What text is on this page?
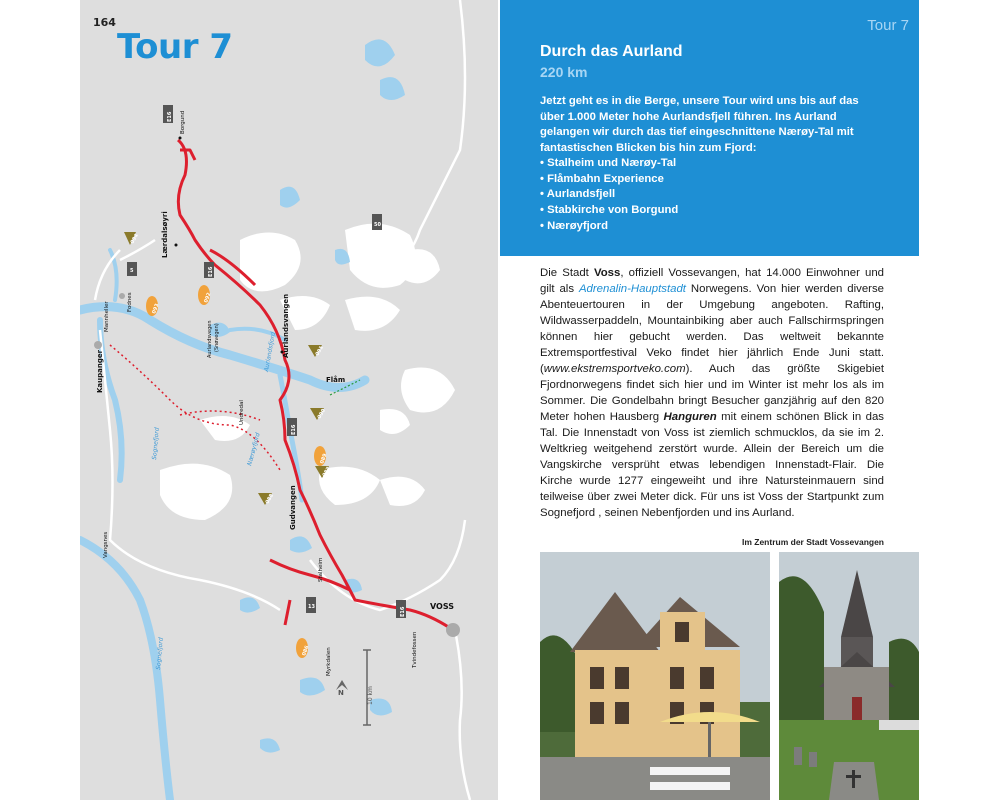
Borgund
Lærdalsøyri
Aurlandsvangen
Flåm
Undredal
Gudvangen
Stalheim
VOSS
Myrkdalen	Tvindefossen
Kaupanger
Mannheller	Fodnes
Vangsnes
Aurlandsvegen (Snøvegen)	Aurlandsfjord
Sognefjord
Sognefjord
Nærøyfjord
E16
E16
E16
E16
5
50
13
094
093
092
091
090
089
087
088
086
10 km
N
164
Tour 7
Tour 7
Durch das Aurland
220 km
Jetzt geht es in die Berge, unsere Tour wird uns bis auf das über 1.000 Meter hohe Aurlandsfjell führen. Ins Aurland gelangen wir durch das tief eingeschnittene Nærøy-Tal mit fantastischen Blicken bis hin zum Fjord:
• Stalheim und Nærøy-Tal
• Flåmbahn Experience
• Aurlandsfjell
• Stabkirche von Borgund
• Nærøyfjord
Die Stadt Voss, offiziell Vossevangen, hat 14.000 Einwohner und gilt als Adrenalin-Hauptstadt Norwegens. Von hier werden diverse Abenteuertouren in der Umgebung angeboten. Rafting, Wildwasserpaddeln, Mountainbiking aber auch Fallschirmspringen können hier gebucht werden. Das weltweit bekannte Extremsportfestival Veko findet hier jährlich Ende Juni statt. (www.ekstremsportveko.com). Auch das größte Skigebiet Fjordnorwegens findet sich hier und im Winter ist mehr los als im Sommer. Die Gondelbahn bringt Besucher ganzjährig auf den 820 Meter hohen Hausberg Hanguren mit einem schönen Blick in das Tal. Die Innenstadt von Voss ist ziemlich schmucklos, da sie im 2. Weltkrieg weitgehend zerstört wurde. Allein der Bereich um die Vangskirche versprüht etwas lebendigen Innenstadt-Flair. Die Kirche wurde 1277 eingeweiht und ihre Natursteinmauern sind teilweise über zwei Meter dick. Für uns ist Voss der Startpunkt zum Sognefjord , seinen Nebenfjorden und ins Aurland.
Im Zentrum der Stadt Vossevangen
